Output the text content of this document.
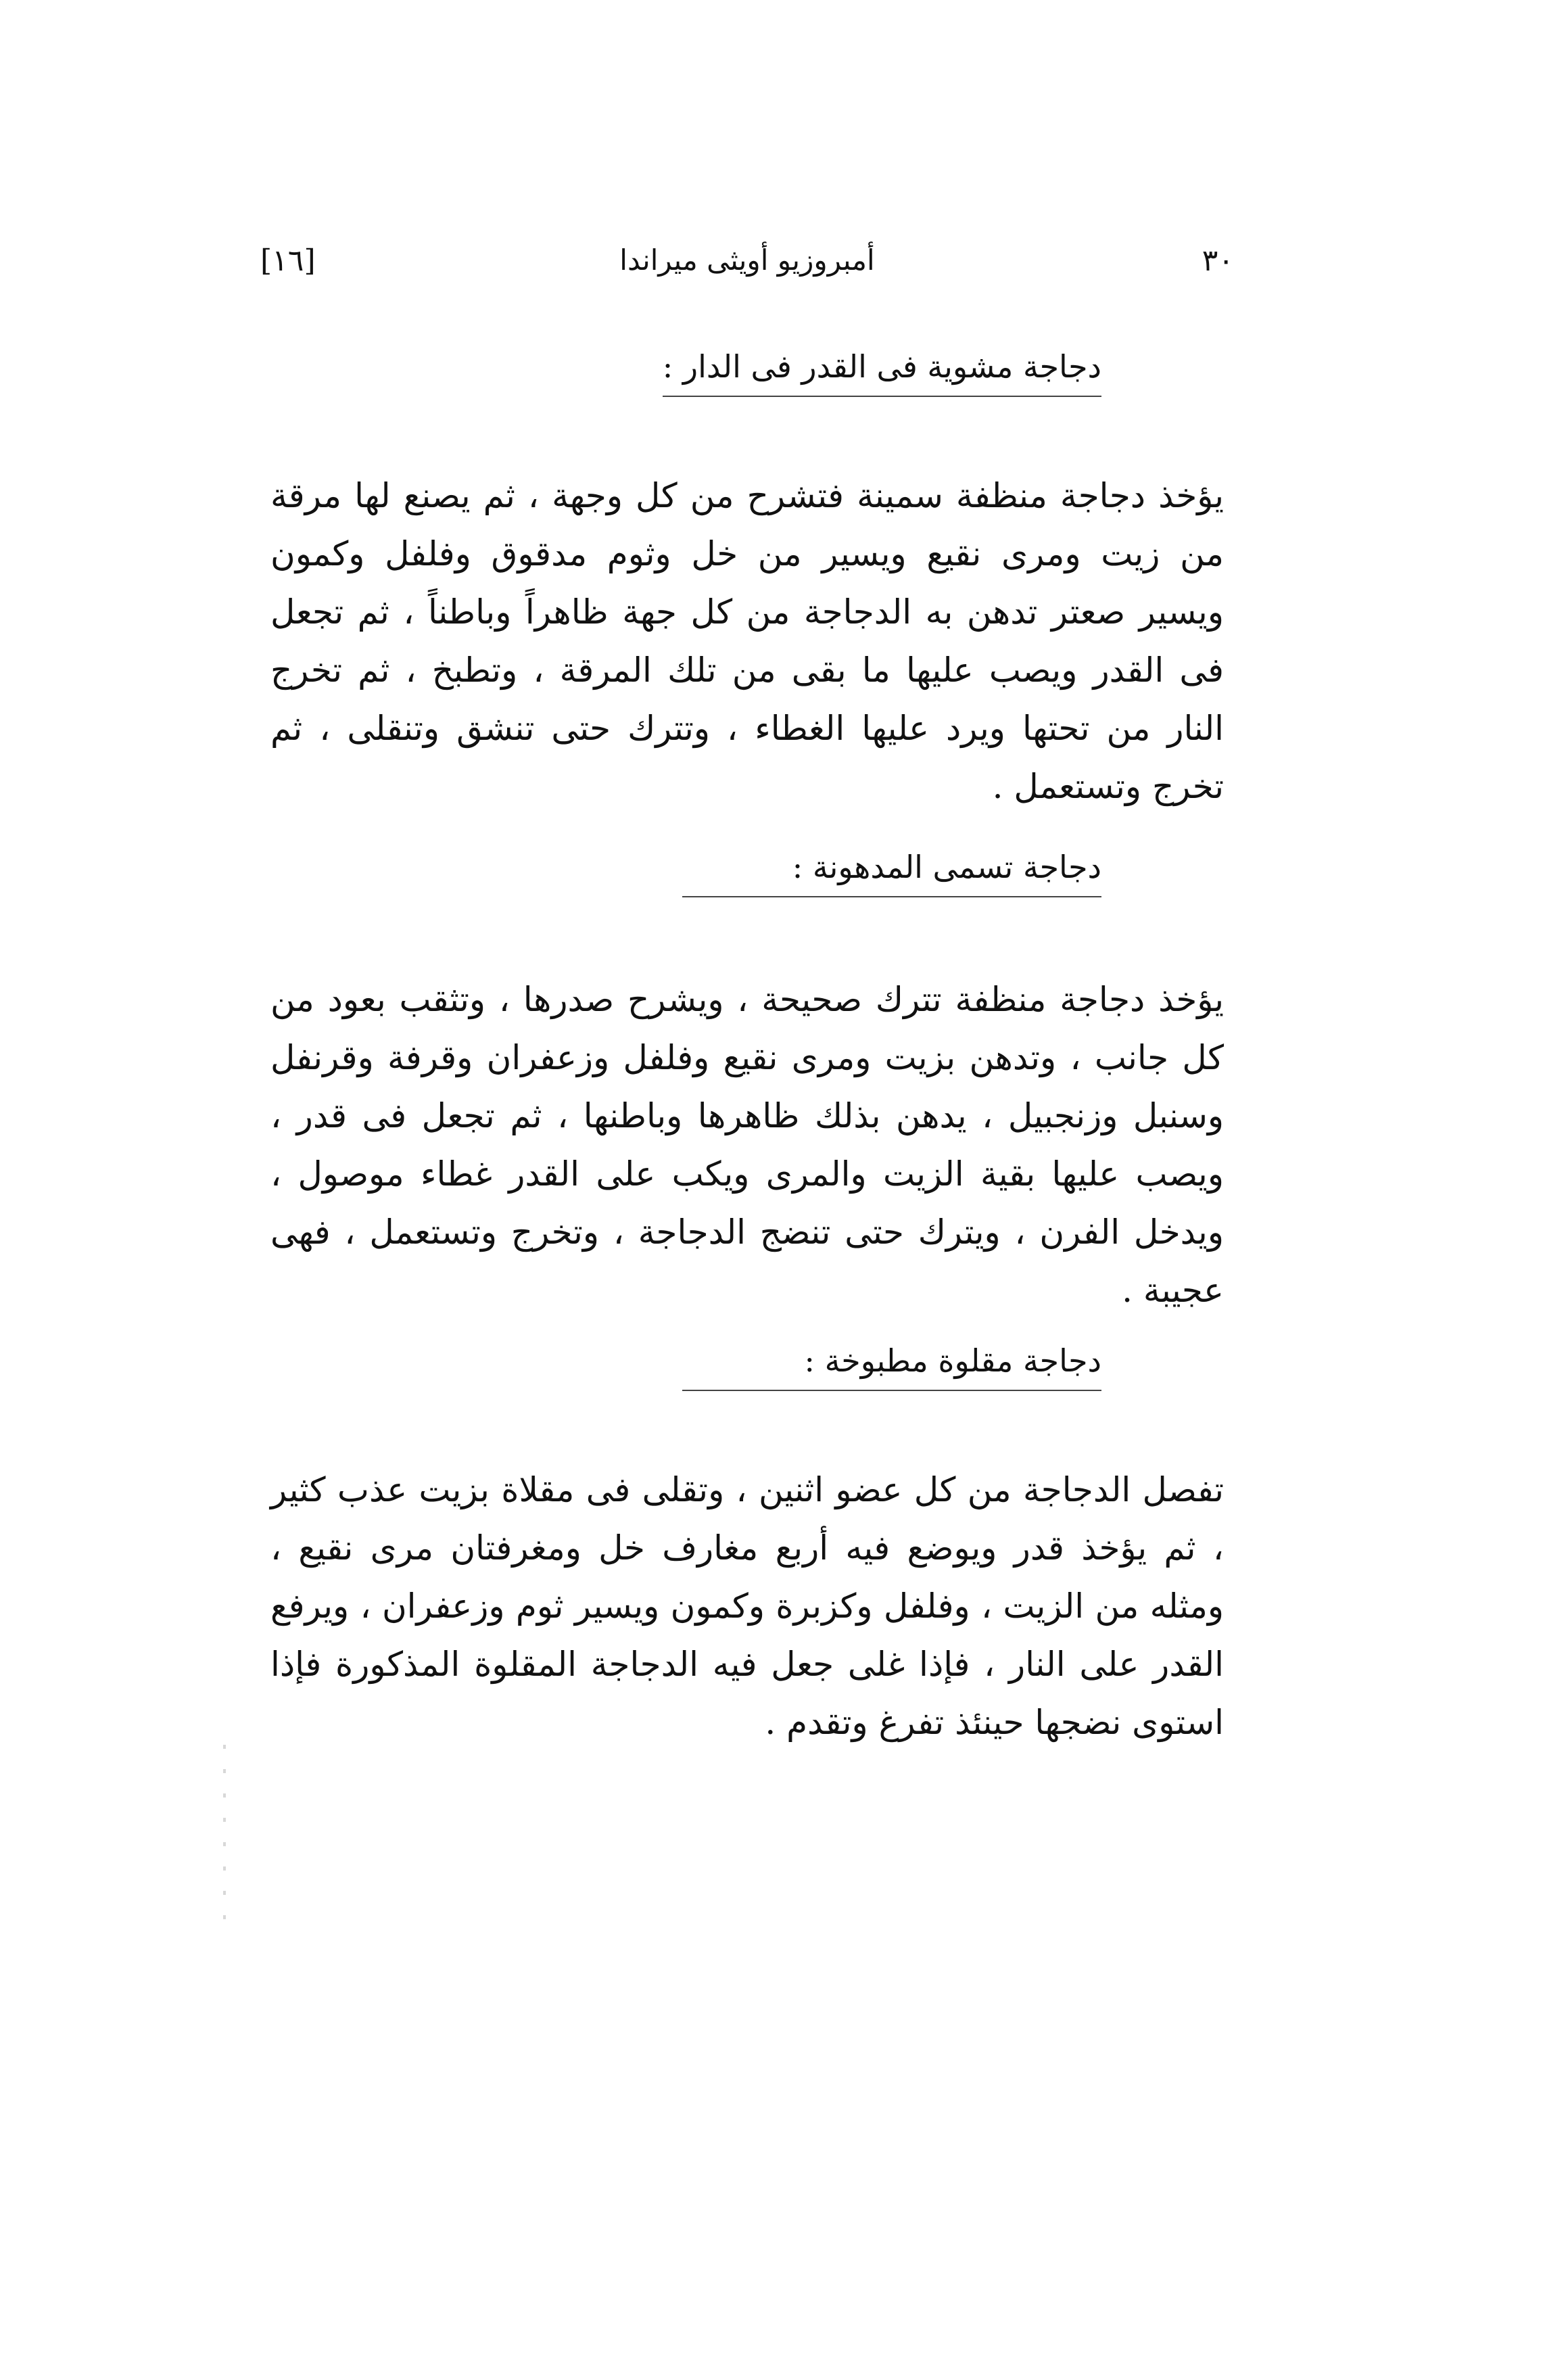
٣٠
أمبروزيو أويثى ميراندا
[١٦]
دجاجة مشوية فى القدر فى الدار :
يؤخذ دجاجة منظفة سمينة فتشرح من كل وجهة ، ثم يصنع لها مرقة من زيت ومرى نقيع ويسير من خل وثوم مدقوق وفلفل وكمون ويسير صعتر تدهن به الدجاجة من كل جهة ظاهراً وباطناً ، ثم تجعل فى القدر ويصب عليها ما بقى من تلك المرقة ، وتطبخ ، ثم تخرج النار من تحتها ويرد عليها الغطاء ، وتترك حتى تنشق وتنقلى ، ثم تخرج وتستعمل .
دجاجة تسمى المدهونة :
يؤخذ دجاجة منظفة تترك صحيحة ، ويشرح صدرها ، وتثقب بعود من كل جانب ، وتدهن بزيت ومرى نقيع وفلفل وزعفران وقرفة وقرنفل وسنبل وزنجبيل ، يدهن بذلك ظاهرها وباطنها ، ثم تجعل فى قدر ، ويصب عليها بقية الزيت والمرى ويكب على القدر غطاء موصول ، ويدخل الفرن ، ويترك حتى تنضج الدجاجة ، وتخرج وتستعمل ، فهى عجيبة .
دجاجة مقلوة مطبوخة :
تفصل الدجاجة من كل عضو اثنين ، وتقلى فى مقلاة بزيت عذب كثير ، ثم يؤخذ قدر ويوضع فيه أربع مغارف خل ومغرفتان مرى نقيع ، ومثله من الزيت ، وفلفل وكزبرة وكمون ويسير ثوم وزعفران ، ويرفع القدر على النار ، فإذا غلى جعل فيه الدجاجة المقلوة المذكورة فإذا استوى نضجها حينئذ تفرغ وتقدم .
